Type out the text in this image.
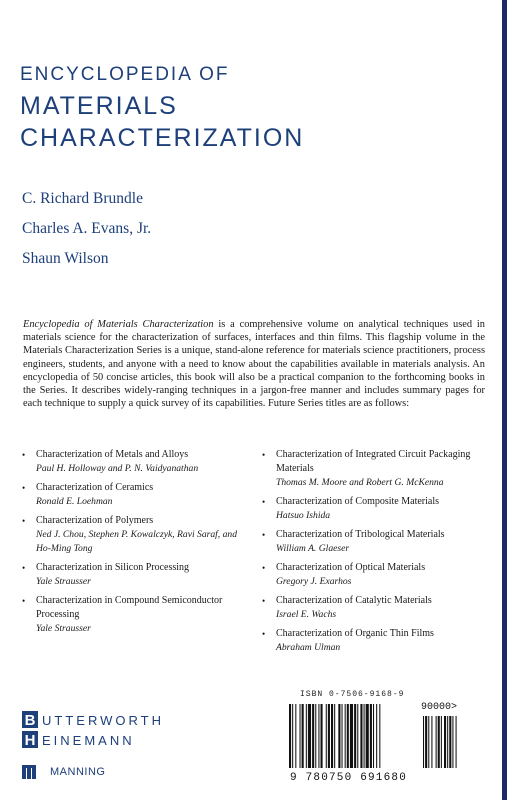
ENCYCLOPEDIA OF
MATERIALS
CHARACTERIZATION
C. Richard Brundle
Charles A. Evans, Jr.
Shaun Wilson
Encyclopedia of Materials Characterization is a comprehensive volume on analytical techniques used in materials science for the characterization of surfaces, interfaces and thin films. This flagship volume in the Materials Characterization Series is a unique, stand-alone reference for materials science practitioners, process engineers, students, and anyone with a need to know about the capabilities available in materials analysis. An encyclopedia of 50 concise articles, this book will also be a practical companion to the forthcoming books in the Series. It describes widely-ranging techniques in a jargon-free manner and includes summary pages for each technique to supply a quick survey of its capabilities. Future Series titles are as follows:
• Characterization of Metals and Alloys
Paul H. Holloway and P. N. Vaidyanathan
• Characterization of Ceramics
Ronald E. Loehman
• Characterization of Polymers
Ned J. Chou, Stephen P. Kowalczyk, Ravi Saraf, and Ho-Ming Tong
• Characterization in Silicon Processing
Yale Strausser
• Characterization in Compound Semiconductor Processing
Yale Strausser
• Characterization of Integrated Circuit Packaging Materials
Thomas M. Moore and Robert G. McKenna
• Characterization of Composite Materials
Hatsuo Ishida
• Characterization of Tribological Materials
William A. Glaeser
• Characterization of Optical Materials
Gregory J. Exarhos
• Characterization of Catalytic Materials
Israel E. Wachs
• Characterization of Organic Thin Films
Abraham Ulman
B
H
UTTERWORTH
EINEMANN
MANNING
ISBN 0-7506-9168-9
90000>
9 780750 691680
